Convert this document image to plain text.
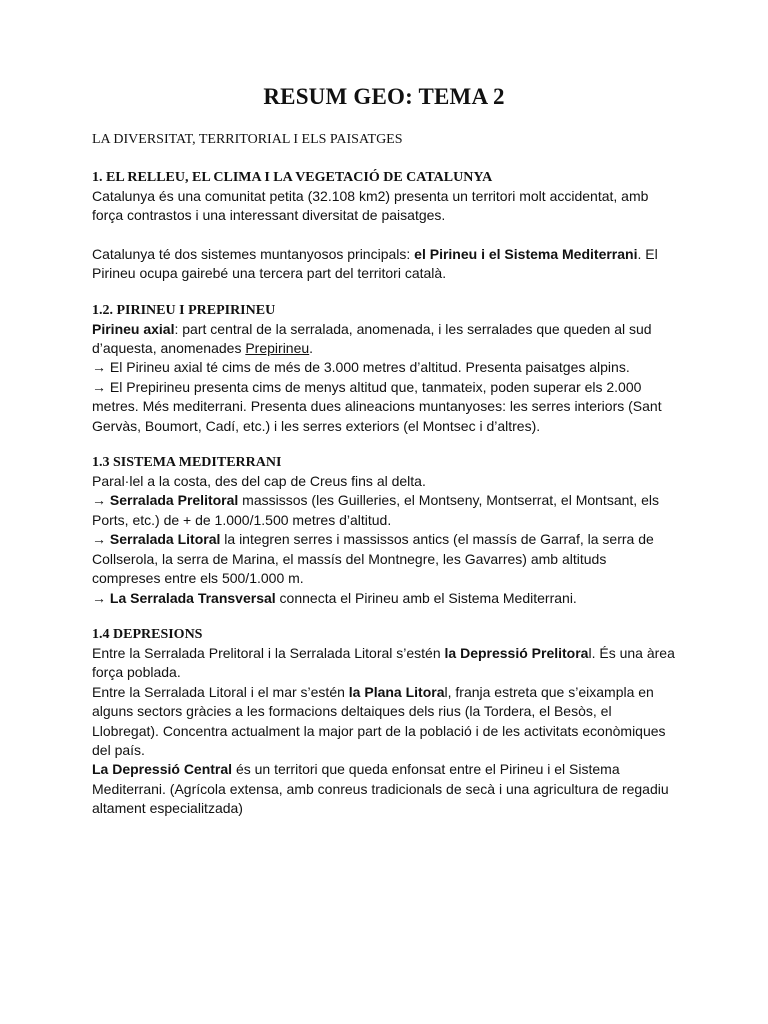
RESUM GEO: TEMA 2
LA DIVERSITAT, TERRITORIAL I ELS PAISATGES
1. EL RELLEU, EL CLIMA I LA VEGETACIÓ DE CATALUNYA

Catalunya és una comunitat petita (32.108 km2) presenta un territori molt accidentat, amb força contrastos i una interessant diversitat de paisatges.

Catalunya té dos sistemes muntanyosos principals: el Pirineu i el Sistema Mediterrani. El Pirineu ocupa gairebé una tercera part del territori català.

1.2. PIRINEU I PREPIRINEU

Pirineu axial: part central de la serralada, anomenada, i les serralades que queden al sud d’aquesta, anomenades Prepirineu.

→ El Pirineu axial té cims de més de 3.000 metres d’altitud. Presenta paisatges alpins.

→ El Prepirineu presenta cims de menys altitud que, tanmateix, poden superar els 2.000 metres. Més mediterrani. Presenta dues alineacions muntanyoses: les serres interiors (Sant Gervàs, Boumort, Cadí, etc.) i les serres exteriors (el Montsec i d’altres).

1.3 SISTEMA MEDITERRANI

Paral·lel a la costa, des del cap de Creus fins al delta.

→ Serralada Prelitoral massissos (les Guilleries, el Montseny, Montserrat, el Montsant, els Ports, etc.) de + de 1.000/1.500 metres d’altitud.

→ Serralada Litoral la integren serres i massissos antics (el massís de Garraf, la serra de Collserola, la serra de Marina, el massís del Montnegre, les Gavarres) amb altituds compreses entre els 500/1.000 m.

→ La Serralada Transversal connecta el Pirineu amb el Sistema Mediterrani.

1.4 DEPRESIONS

Entre la Serralada Prelitoral i la Serralada Litoral s’estén la Depressió Prelitoral. És una àrea força poblada.

Entre la Serralada Litoral i el mar s’estén la Plana Litoral, franja estreta que s’eixampla en alguns sectors gràcies a les formacions deltaiques dels rius (la Tordera, el Besòs, el Llobregat). Concentra actualment la major part de la població i de les activitats econòmiques del país.

La Depressió Central és un territori que queda enfonsat entre el Pirineu i el Sistema Mediterrani. (Agrícola extensa, amb conreus tradicionals de secà i una agricultura de regadiu altament especialitzada)
